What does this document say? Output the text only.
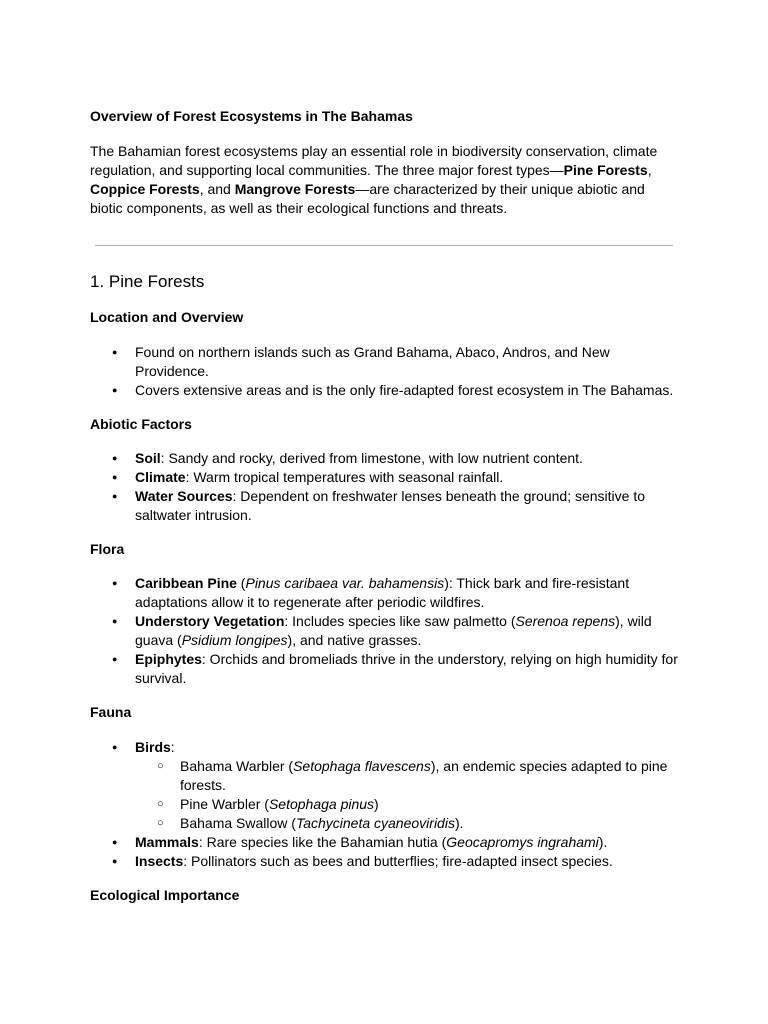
Overview of Forest Ecosystems in The Bahamas

The Bahamian forest ecosystems play an essential role in biodiversity conservation, climate regulation, and supporting local communities. The three major forest types—Pine Forests, Coppice Forests, and Mangrove Forests—are characterized by their unique abiotic and biotic components, as well as their ecological functions and threats.

1. Pine Forests

Location and Overview

● Found on northern islands such as Grand Bahama, Abaco, Andros, and New Providence.
● Covers extensive areas and is the only fire-adapted forest ecosystem in The Bahamas.

Abiotic Factors

● Soil: Sandy and rocky, derived from limestone, with low nutrient content.
● Climate: Warm tropical temperatures with seasonal rainfall.
● Water Sources: Dependent on freshwater lenses beneath the ground; sensitive to saltwater intrusion.

Flora

● Caribbean Pine (Pinus caribaea var. bahamensis): Thick bark and fire-resistant adaptations allow it to regenerate after periodic wildfires.
● Understory Vegetation: Includes species like saw palmetto (Serenoa repens), wild guava (Psidium longipes), and native grasses.
● Epiphytes: Orchids and bromeliads thrive in the understory, relying on high humidity for survival.

Fauna

● Birds:
○ Bahama Warbler (Setophaga flavescens), an endemic species adapted to pine forests.
○ Pine Warbler (Setophaga pinus)
○ Bahama Swallow (Tachycineta cyaneoviridis).
● Mammals: Rare species like the Bahamian hutia (Geocapromys ingrahami).
● Insects: Pollinators such as bees and butterflies; fire-adapted insect species.

Ecological Importance
